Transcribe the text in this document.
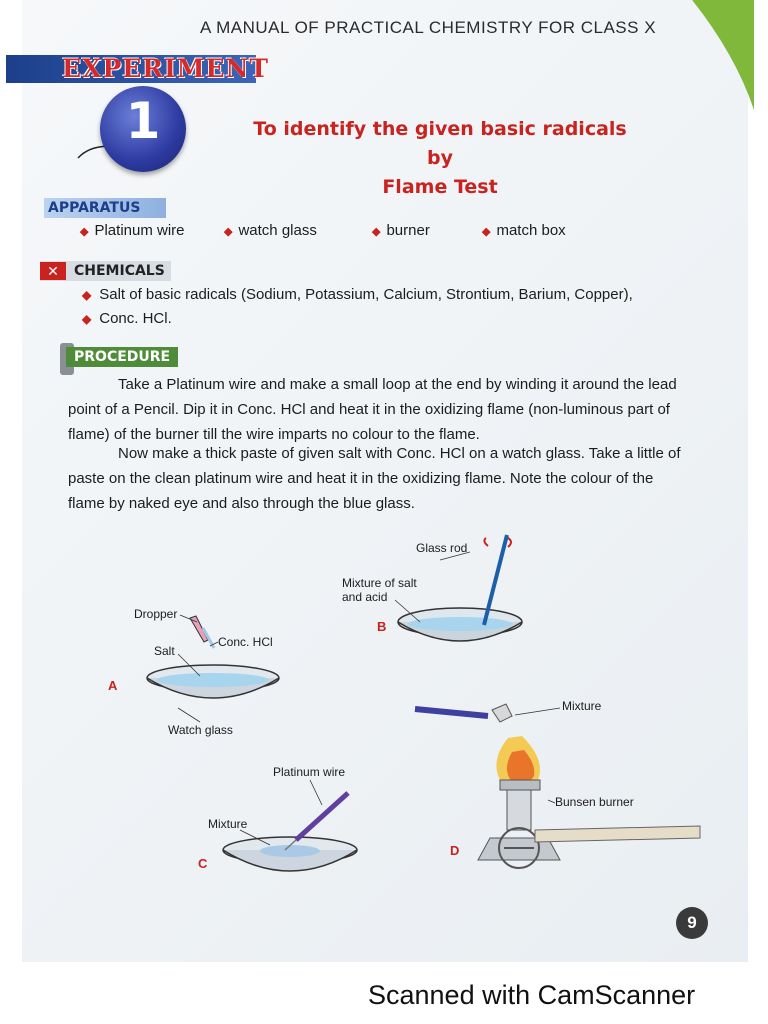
A MANUAL OF PRACTICAL CHEMISTRY FOR CLASS X
EXPERIMENT
1	To identify the given basic radicals by
Flame Test
APPARATUS
◆ Platinum wire	◆ watch glass	◆ burner	◆ match box
CHEMICALS
✕
◆ Salt of basic radicals (Sodium, Potassium, Calcium, Strontium, Barium, Copper),
◆ Conc. HCl.
PROCEDURE
Take a Platinum wire and make a small loop at the end by winding it around the lead
point of a Pencil. Dip it in Conc. HCl and heat it in the oxidizing flame (non-luminous part of
flame) of the burner till the wire imparts no colour to the flame.
Now make a thick paste of given salt with Conc. HCl on a watch glass. Take a little of
paste on the clean platinum wire and heat it in the oxidizing flame. Note the colour of the
flame by naked eye and also through the blue glass.
Glass rod
Mixture of salt
and acid
B
Dropper
Conc. HCl
Salt
A
Watch glass
Mixture
Platinum wire
Bunsen burner
Mixture
D
C
9
Scanned with CamScanner
